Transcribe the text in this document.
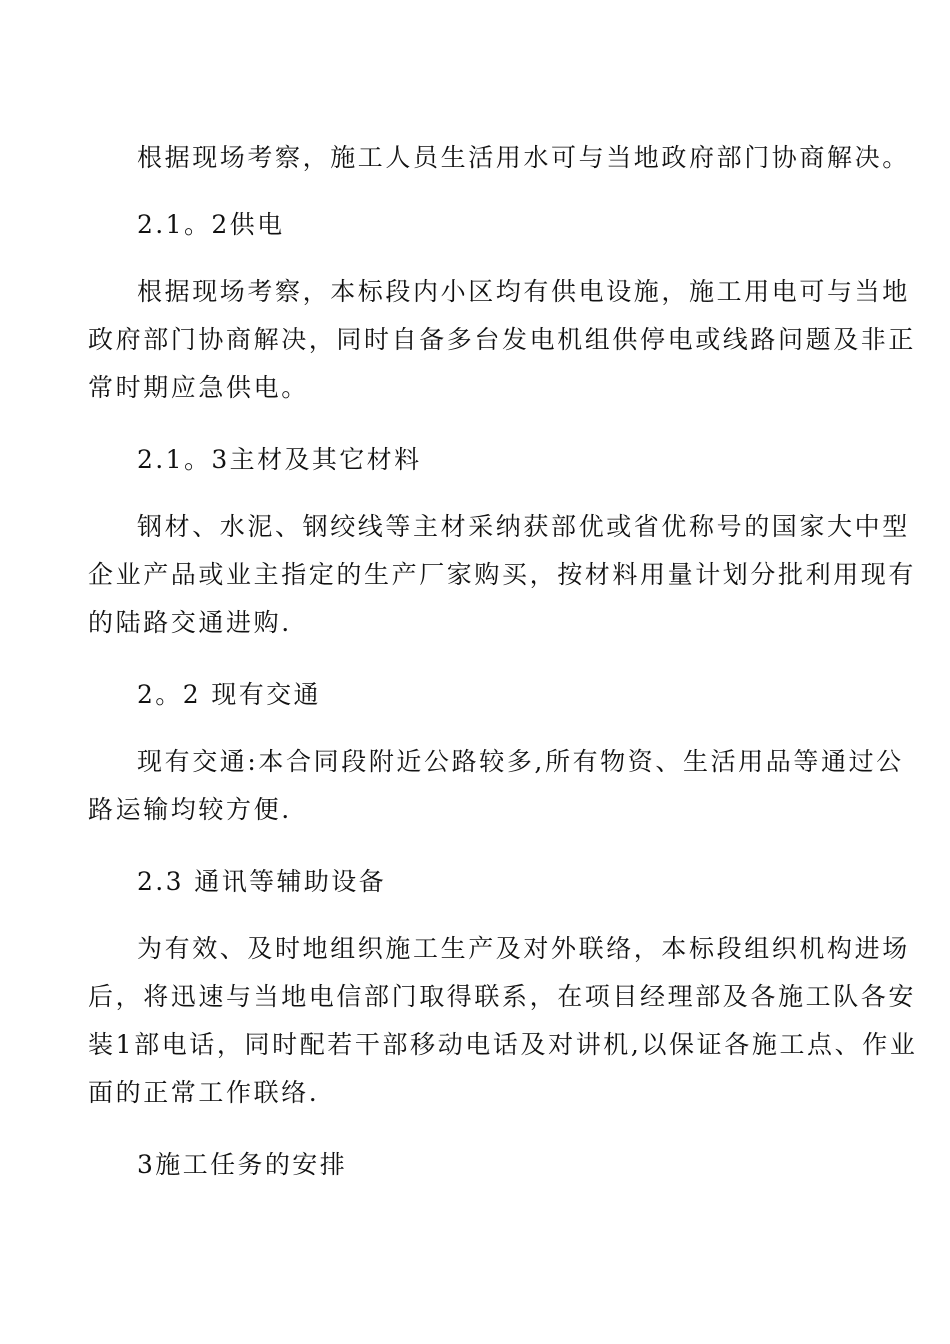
根据现场考察，施工人员生活用水可与当地政府部门协商解决。
2.1。2供电
根据现场考察，本标段内小区均有供电设施，施工用电可与当地
政府部门协商解决，同时自备多台发电机组供停电或线路问题及非正
常时期应急供电。
2.1。3主材及其它材料
钢材、水泥、钢绞线等主材采纳获部优或省优称号的国家大中型
企业产品或业主指定的生产厂家购买，按材料用量计划分批利用现有
的陆路交通进购.
2。2 现有交通
现有交通:本合同段附近公路较多,所有物资、生活用品等通过公
路运输均较方便.
2.3 通讯等辅助设备
为有效、及时地组织施工生产及对外联络，本标段组织机构进场
后，将迅速与当地电信部门取得联系，在项目经理部及各施工队各安
装1部电话，同时配若干部移动电话及对讲机,以保证各施工点、作业
面的正常工作联络.
3施工任务的安排
